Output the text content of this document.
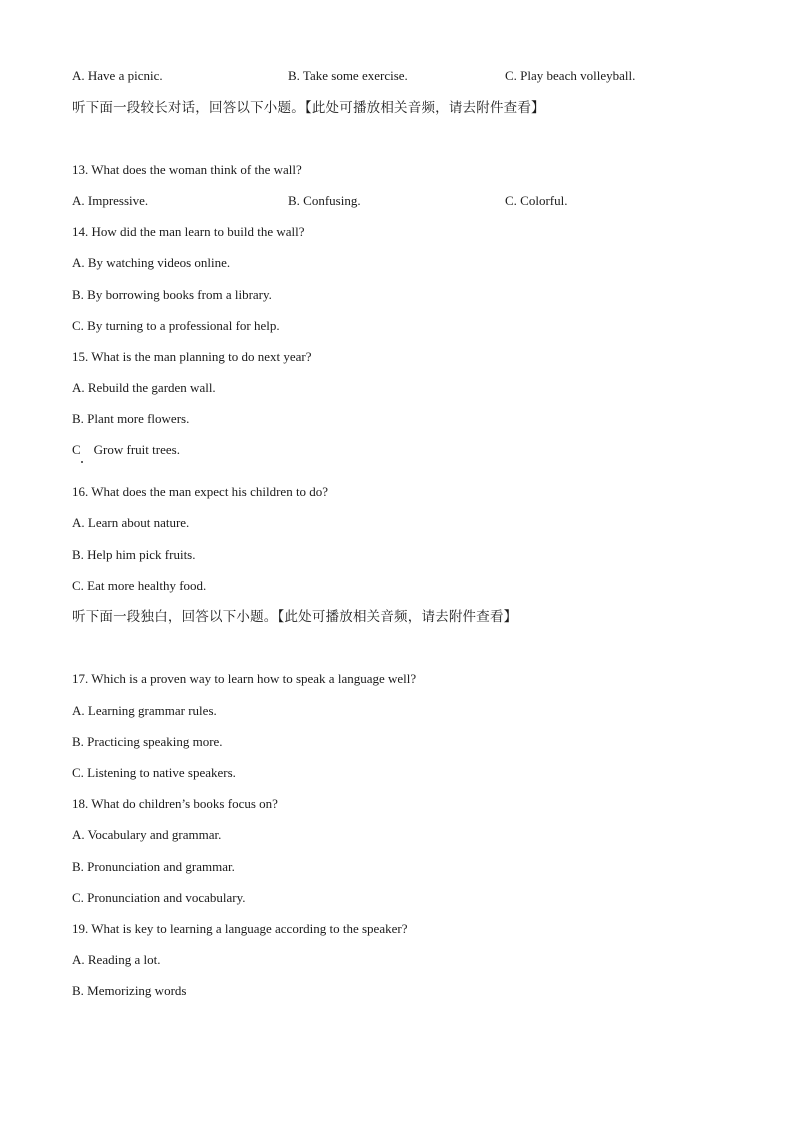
A. Have a picnic.	B. Take some exercise.	C. Play beach volleyball.
听下面一段较长对话，回答以下小题。【此处可播放相关音频，请去附件查看】
13. What does the woman think of the wall?
A. Impressive.	B. Confusing.	C. Colorful.
14. How did the man learn to build the wall?
A. By watching videos online.
B. By borrowing books from a library.
C. By turning to a professional for help.
15. What is the man planning to do next year?
A. Rebuild the garden wall.
B. Plant more flowers.
C    Grow fruit trees.
16. What does the man expect his children to do?
A. Learn about nature.
B. Help him pick fruits.
C. Eat more healthy food.
听下面一段独白，回答以下小题。【此处可播放相关音频，请去附件查看】
17. Which is a proven way to learn how to speak a language well?
A. Learning grammar rules.
B. Practicing speaking more.
C. Listening to native speakers.
18. What do children’s books focus on?
A. Vocabulary and grammar.
B. Pronunciation and grammar.
C. Pronunciation and vocabulary.
19. What is key to learning a language according to the speaker?
A. Reading a lot.
B. Memorizing words
